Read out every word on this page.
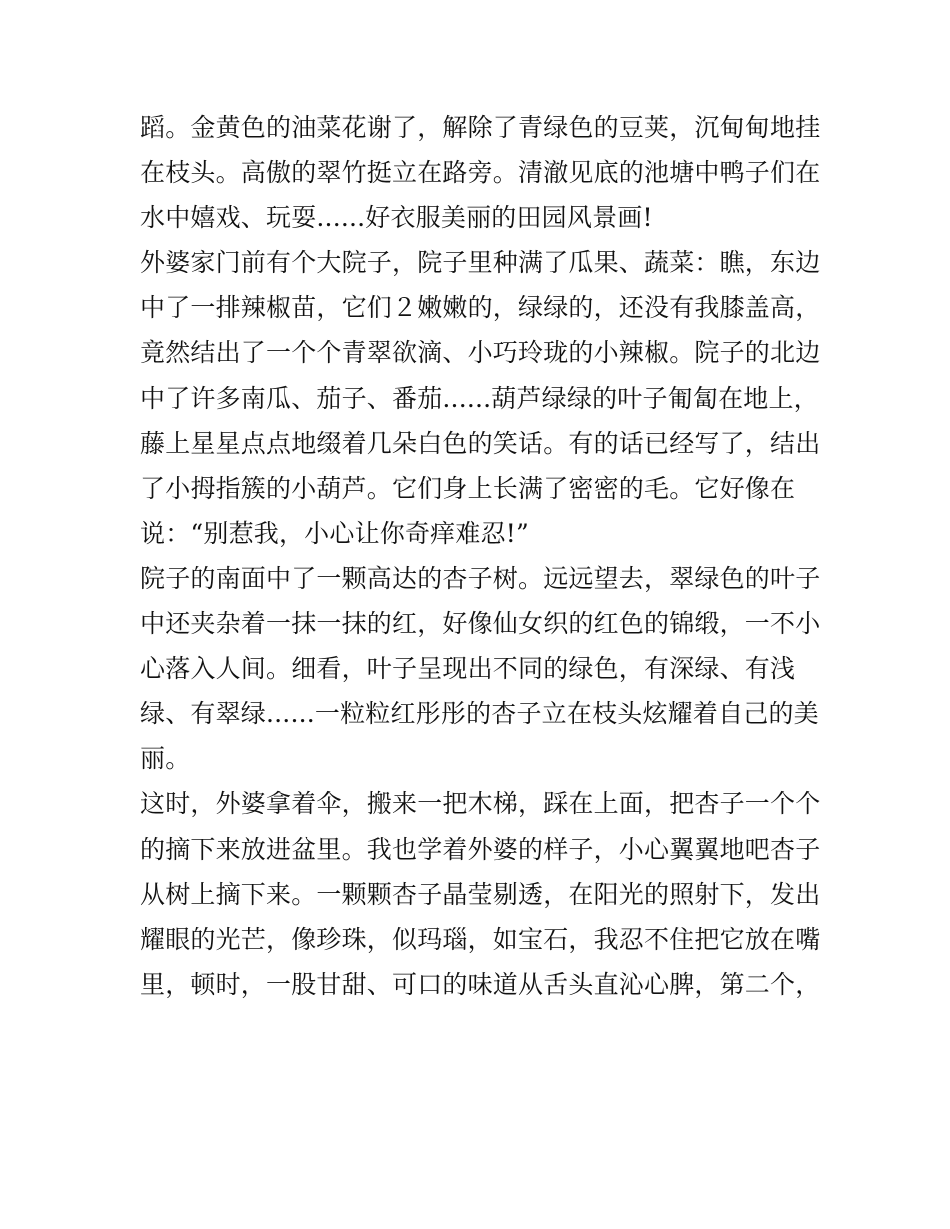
蹈。金黄色的油菜花谢了，解除了青绿色的豆荚，沉甸甸地挂
在枝头。高傲的翠竹挺立在路旁。清澈见底的池塘中鸭子们在
水中嬉戏、玩耍......好衣服美丽的田园风景画!
外婆家门前有个大院子，院子里种满了瓜果、蔬菜：瞧，东边
中了一排辣椒苗，它们２嫩嫩的，绿绿的，还没有我膝盖高，
竟然结出了一个个青翠欲滴、小巧玲珑的小辣椒。院子的北边
中了许多南瓜、茄子、番茄......葫芦绿绿的叶子匍匐在地上，
藤上星星点点地缀着几朵白色的笑话。有的话已经写了，结出
了小拇指簇的小葫芦。它们身上长满了密密的毛。它好像在
说：“别惹我，小心让你奇痒难忍!”
院子的南面中了一颗高达的杏子树。远远望去，翠绿色的叶子
中还夹杂着一抹一抹的红，好像仙女织的红色的锦缎，一不小
心落入人间。细看，叶子呈现出不同的绿色，有深绿、有浅
绿、有翠绿......一粒粒红彤彤的杏子立在枝头炫耀着自己的美
丽。
这时，外婆拿着伞，搬来一把木梯，踩在上面，把杏子一个个
的摘下来放进盆里。我也学着外婆的样子，小心翼翼地吧杏子
从树上摘下来。一颗颗杏子晶莹剔透，在阳光的照射下，发出
耀眼的光芒，像珍珠，似玛瑙，如宝石，我忍不住把它放在嘴
里，顿时，一股甘甜、可口的味道从舌头直沁心脾，第二个，
